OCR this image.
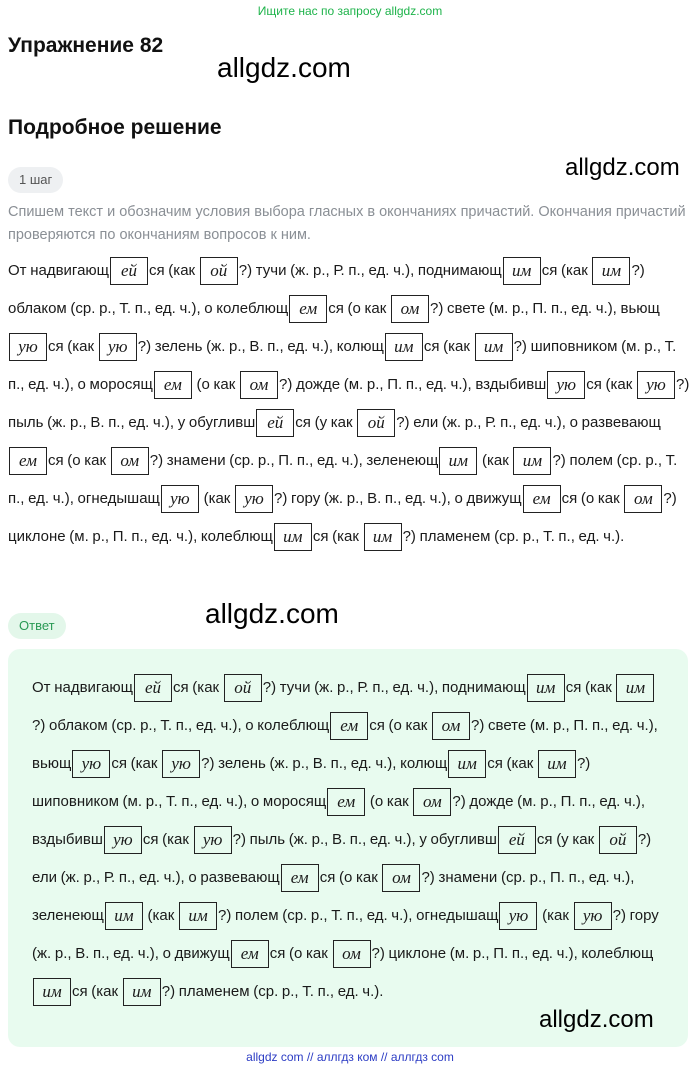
Ищите нас по запросу allgdz.com
Упражнение 82
allgdz.com
Подробное решение
allgdz.com
1 шаг

Спишем текст и обозначим условия выбора гласных в окончаниях причастий. Окончания причастий проверяются по окончаниям вопросов к ним.

От надвигающ ей ся (как ой ?) тучи (ж. р., Р. п., ед. ч.), поднимающ им ся (как им ?) облаком (ср. р., Т. п., ед. ч.), о колеблющ ем ся (о как ом ?) свете (м. р., П. п., ед. ч.), вьющую ся (как ую ?) зелень (ж. р., В. п., ед. ч.), колющ им ся (как им ?) шиповником (м. р., Т. п., ед. ч.), о моросящ ем (о как ом ?) дожде (м. р., П. п., ед. ч.), вздыбивш ую ся (как ую ?) пыль (ж. р., В. п., ед. ч.), у обугливш ей ся (у как ой ?) ели (ж. р., Р. п., ед. ч.), о развевающем ся (о как ом ?) знамени (ср. р., П. п., ед. ч.), зеленеющ им (как им ?) полем (ср. р., Т. п., ед. ч.), огнедышащ ую (как ую ?) гору (ж. р., В. п., ед. ч.), о движущ ем ся (о как ом ?) циклоне (м. р., П. п., ед. ч.), колеблющ им ся (как им ?) пламенем (ср. р., Т. п., ед. ч.).

allgdz.com
Ответ

От надвигающ ей ся (как ой ?) тучи (ж. р., Р. п., ед. ч.), поднимающ им ся (как им?) облаком (ср. р., Т. п., ед. ч.), о колеблющ ем ся (о как ом ?) свете (м. р., П. п., ед. ч.), вьющ ую ся (как ую ?) зелень (ж. р., В. п., ед. ч.), колющ им ся (как им ?) шиповником (м. р., Т. п., ед. ч.), о моросящ ем (о как ом ?) дожде (м. р., П. п., ед. ч.), вздыбивш ую ся (как ую ?) пыль (ж. р., В. п., ед. ч.), у обугливш ей ся (у как ой ?) ели (ж. р., Р. п., ед. ч.), о развевающ ем ся (о как ом ?) знамени (ср. р., П. п., ед. ч.), зеленеющ им (как им ?) полем (ср. р., Т. п., ед. ч.), огнедышащ ую (как ую ?) гору (ж. р., В. п., ед. ч.), о движущ ем ся (о как ом ?) циклоне (м. р., П. п., ед. ч.), колеблющим ся (как им ?) пламенем (ср. р., Т. п., ед. ч.).

allgdz.com
allgdz com // аллгдз ком // аллгдз com
